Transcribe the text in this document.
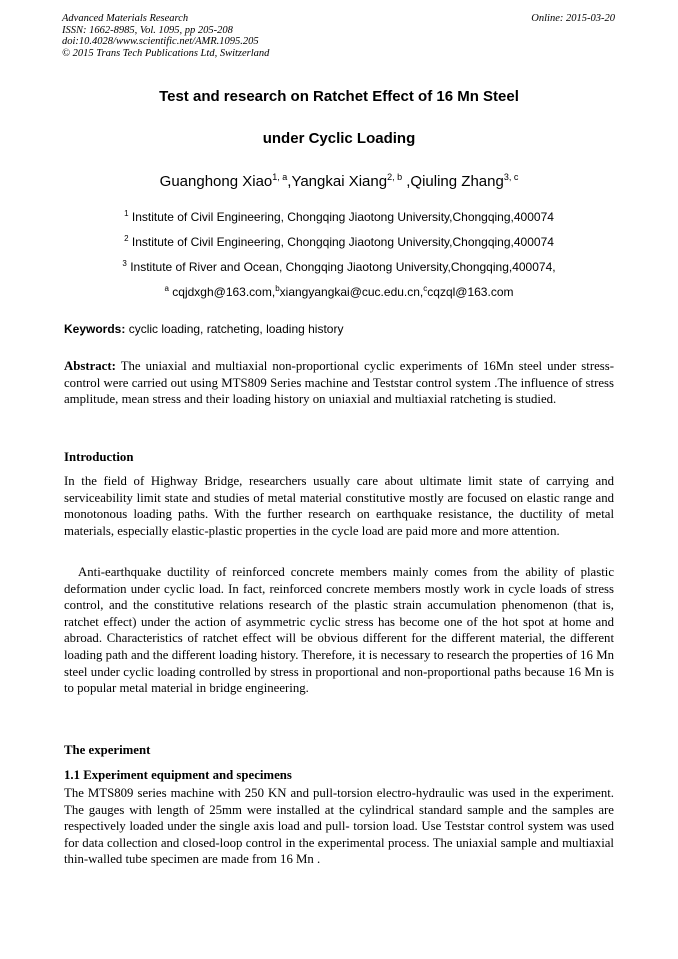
Advanced Materials Research
ISSN: 1662-8985, Vol. 1095, pp 205-208
doi:10.4028/www.scientific.net/AMR.1095.205
© 2015 Trans Tech Publications Ltd, Switzerland
Online: 2015-03-20
Test and research on Ratchet Effect of 16 Mn Steel
under Cyclic Loading
Guanghong Xiao$^{1, a}$,Yangkai Xiang$^{2, b}$ ,Qiuling Zhang$^{3, c}$
$^1$ Institute of Civil Engineering, Chongqing Jiaotong University,Chongqing,400074
$^2$ Institute of Civil Engineering, Chongqing Jiaotong University,Chongqing,400074
$^3$ Institute of River and Ocean, Chongqing Jiaotong University,Chongqing,400074,
$^a$ cqjdxgh@163.com,$^b$xiangyangkai@cuc.edu.cn,$^c$cqzql@163.com
Keywords: cyclic loading, ratcheting, loading history
Abstract: The uniaxial and multiaxial non-proportional cyclic experiments of 16Mn steel under stress-control were carried out using MTS809 Series machine and Teststar control system .The influence of stress amplitude, mean stress and their loading history on uniaxial and multiaxial ratcheting is studied.
Introduction

In the field of Highway Bridge, researchers usually care about ultimate limit state of carrying and serviceability limit state and studies of metal material constitutive mostly are focused on elastic range and monotonous loading paths. With the further research on earthquake resistance, the ductility of metal materials, especially elastic-plastic properties in the cycle load are paid more and more attention.

Anti-earthquake ductility of reinforced concrete members mainly comes from the ability of plastic deformation under cyclic load. In fact, reinforced concrete members mostly work in cycle loads of stress control, and the constitutive relations research of the plastic strain accumulation phenomenon (that is, ratchet effect) under the action of asymmetric cyclic stress has become one of the hot spot at home and abroad. Characteristics of ratchet effect will be obvious different for the different material, the different loading path and the different loading history. Therefore, it is necessary to research the properties of 16 Mn steel under cyclic loading controlled by stress in proportional and non-proportional paths because 16 Mn is to popular metal material in bridge engineering.

The experiment
1.1 Experiment equipment and specimens

The MTS809 series machine with 250 KN and pull-torsion electro-hydraulic was used in the experiment. The gauges with length of 25mm were installed at the cylindrical standard sample and the samples are respectively loaded under the single axis load and pull- torsion load. Use Teststar control system was used for data collection and closed-loop control in the experimental process. The uniaxial sample and multiaxial thin-walled tube specimen are made from 16 Mn .
